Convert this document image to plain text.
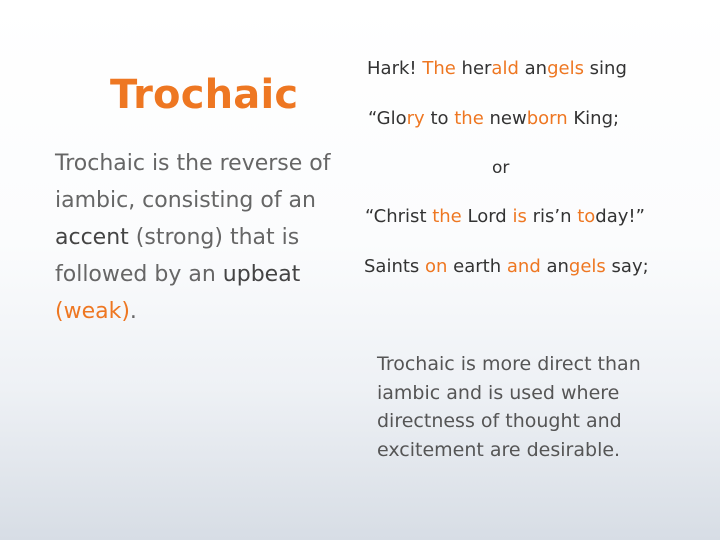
Trochaic
Trochaic is the reverse of iambic, consisting of an accent (strong) that is followed by an upbeat (weak).
Hark! The herald angels sing
“Glory to the newborn King;
or
“Christ the Lord is ris’n today!”
Saints on earth and angels say;
Trochaic is more direct than iambic and is used where directness of thought and excitement are desirable.
